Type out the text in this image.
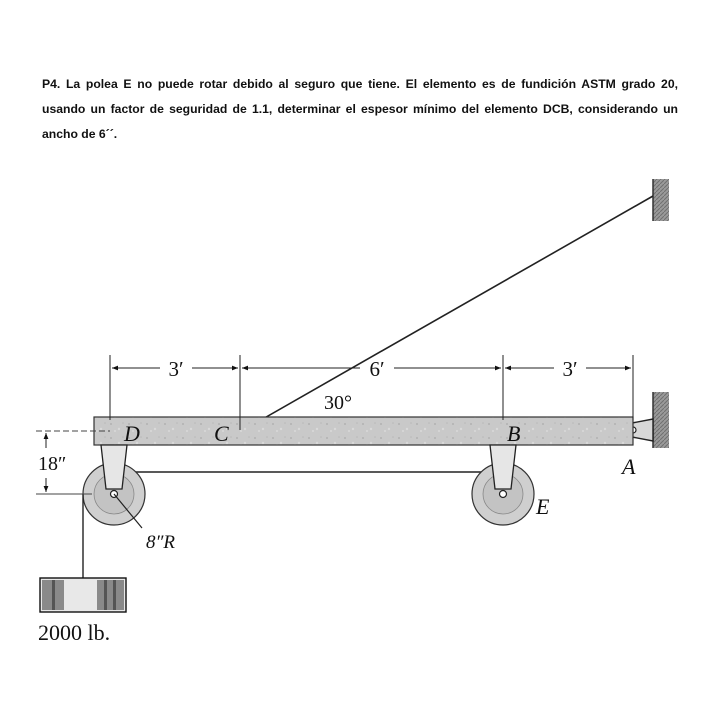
P4. La polea E no puede rotar debido al seguro que tiene. El elemento es de fundición ASTM grado 20, usando un factor de seguridad de 1.1, determinar el espesor mínimo del elemento DCB, considerando un ancho de 6´´.

3′	6′	3′
30°
18″
D	C	B
A
E
8″R
2000 lb.
